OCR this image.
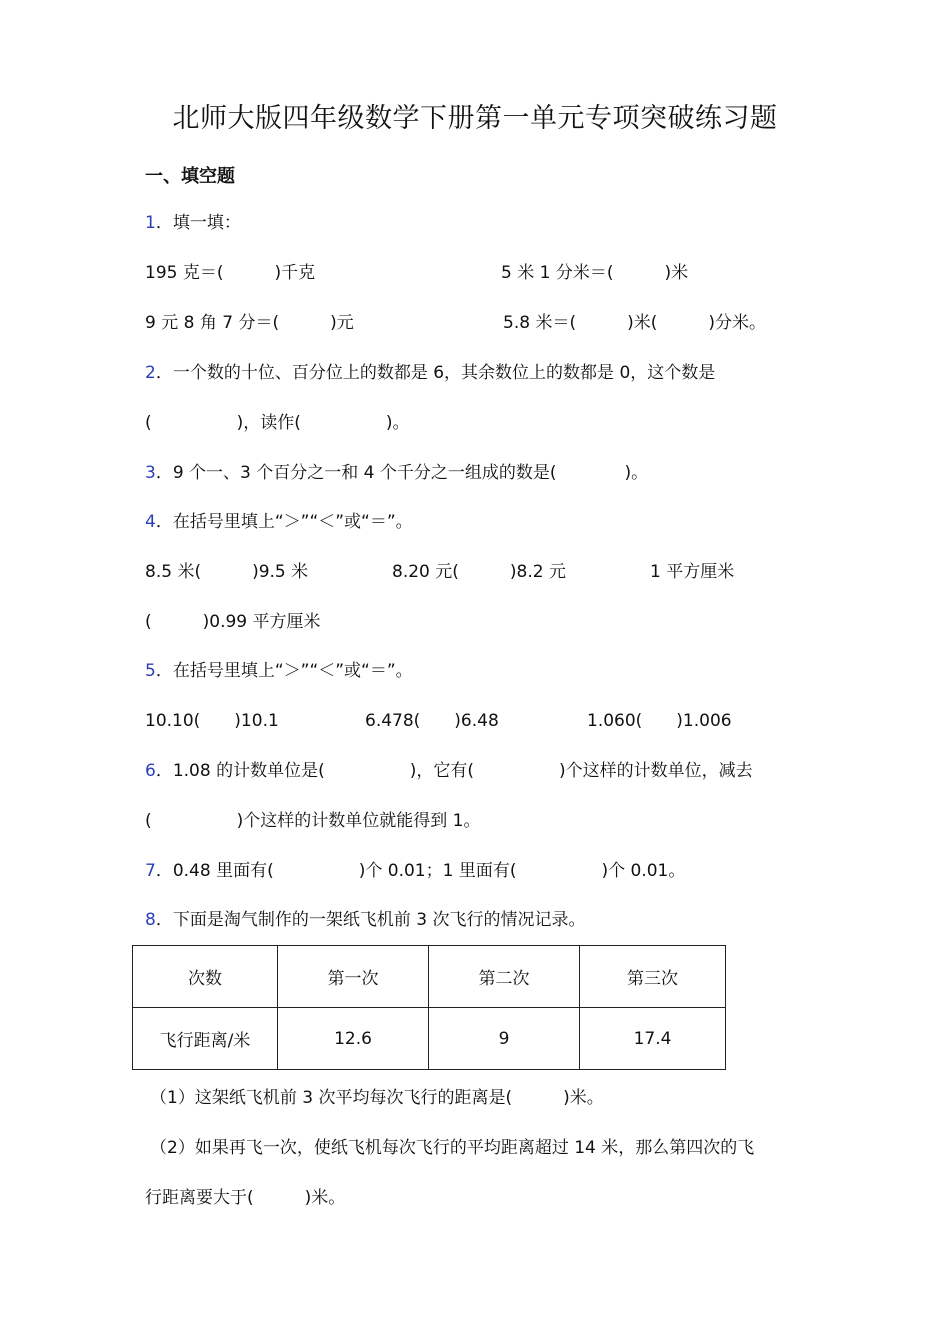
北师大版四年级数学下册第一单元专项突破练习题
一、填空题
1．填一填：
195 克＝(　　　)千克	5 米 1 分米＝(　　　)米
9 元 8 角 7 分＝(　　　)元	5.8 米＝(　　　)米(　　　)分米。
2．一个数的十位、百分位上的数都是 6，其余数位上的数都是 0，这个数是
(　　　　　)，读作(　　　　　)。
3．9 个一、3 个百分之一和 4 个千分之一组成的数是(　　　　)。
4．在括号里填上“＞”“＜”或“＝”。
8.5 米(　　　)9.5 米	8.20 元(　　　)8.2 元	1 平方厘米
(　　　)0.99 平方厘米
5．在括号里填上“＞”“＜”或“＝”。
10.10(　　)10.1	6.478(　　)6.48	1.060(　　)1.006
6．1.08 的计数单位是(　　　　　)，它有(　　　　　)个这样的计数单位，减去
(　　　　　)个这样的计数单位就能得到 1。
7．0.48 里面有(　　　　　)个 0.01；1 里面有(　　　　　)个 0.01。
8．下面是淘气制作的一架纸飞机前 3 次飞行的情况记录。
次数	第一次	第二次	第三次
飞行距离/米	12.6	9	17.4
（1）这架纸飞机前 3 次平均每次飞行的距离是(　　　)米。
（2）如果再飞一次，使纸飞机每次飞行的平均距离超过 14 米，那么第四次的飞
行距离要大于(　　　)米。
